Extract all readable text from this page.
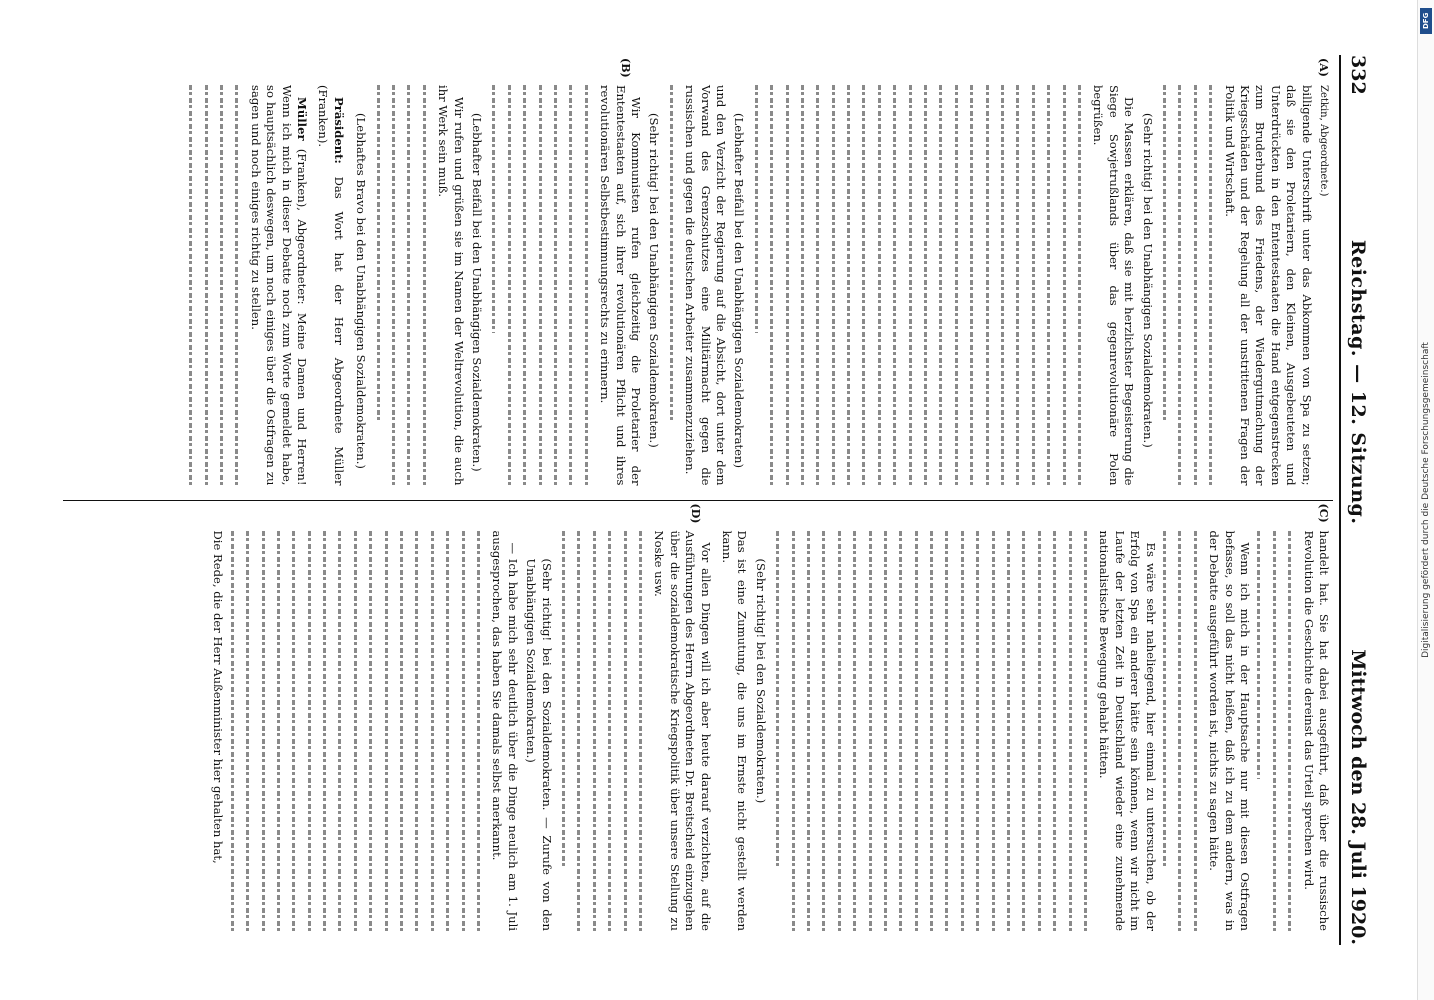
332
Reichstag. — 12. Sitzung.
Mittwoch den 28. Juli 1920.
(A)
(B)

Zetkin, Abgeordnete.)

billigende Unterschrift unter das Abkommen von Spa zu setzen; daß sie den Proletariern, den Kleinen, Ausgebeuteten und Unterdrückten in den Ententestaaten die Hand entgegenstrecken zum Bruderbund des Friedens, der Wiedergutmachung der Kriegsschäden und der Regelung all der unstrittenen Fragen der Politik und Wirtschaft.

(Sehr richtig! bei den Unabhängigen Sozialdemokraten.)

Die Massen erklären, daß sie mit herzlichster Begeisterung die Siege Sowjetrußlands über das gegenrevolutionäre Polen begrüßen.

(Lebhafter Beifall bei den Unabhängigen Sozialdemokraten)

und den Verzicht der Regierung auf die Absicht, dort unter dem Vorwand des Grenzschutzes eine Militärmacht gegen die russischen und gegen die deutschen Arbeiter zusammenzuziehen.

(Sehr richtig! bei den Unabhängigen Sozialdemokraten.)

Wir Kommunisten rufen gleichzeitig die Proletarier der Ententestaaten auf, sich ihrer revolutionären Pflicht und ihres revolutionären Selbstbestimmungsrechts zu erinnern.

(Lebhafter Beifall bei den Unabhängigen Sozialdemokraten.)

Wir rufen und grüßen sie im Namen der Weltrevolution, die auch ihr Werk sein muß.

(Lebhaftes Bravo bei den Unabhängigen Sozialdemokraten.)

Präsident: Das Wort hat der Herr Abgeordnete Müller (Franken).

Müller (Franken), Abgeordneter: Meine Damen und Herren! Wenn ich mich in dieser Debatte noch zum Worte gemeldet habe, so hauptsächlich deswegen, um noch einiges über die Ostfragen zu sagen und noch einiges richtig zu stellen.

(C)
(D)

handelt hat. Sie hat dabei ausgeführt, daß über die russische Revolution die Geschichte dereinst das Urteil sprechen wird.

Wenn ich mich in der Hauptsache nur mit diesen Ostfragen befasse, so soll das nicht heißen, daß ich zu dem andern, was in der Debatte ausgeführt worden ist, nichts zu sagen hätte.

Es wäre sehr naheliegend, hier einmal zu untersuchen, ob der Erfolg von Spa ein anderer hätte sein können, wenn wir nicht im Laufe der letzten Zeit in Deutschland wieder eine zunehmende nationalistische Bewegung gehabt hätten.

(Sehr richtig! bei den Sozialdemokraten.)

Das ist eine Zumutung, die uns im Ernste nicht gestellt werden kann.

Vor allen Dingen will ich aber heute darauf verzichten, auf die Ausführungen des Herrn Abgeordneten Dr. Breitscheid einzugehen über die sozialdemokratische Kriegspolitik über unsere Stellung zu Noske usw.

(Sehr richtig! bei den Sozialdemokraten. — Zurufe von den Unabhängigen Sozialdemokraten.)

— Ich habe mich sehr deutlich über die Dinge neulich am 1. Juli ausgesprochen, das haben Sie damals selbst anerkannt.

Die Rede, die der Herr Außenminister hier gehalten hat,

DFG
Digitalisierung gefördert durch die Deutsche Forschungsgemeinschaft
